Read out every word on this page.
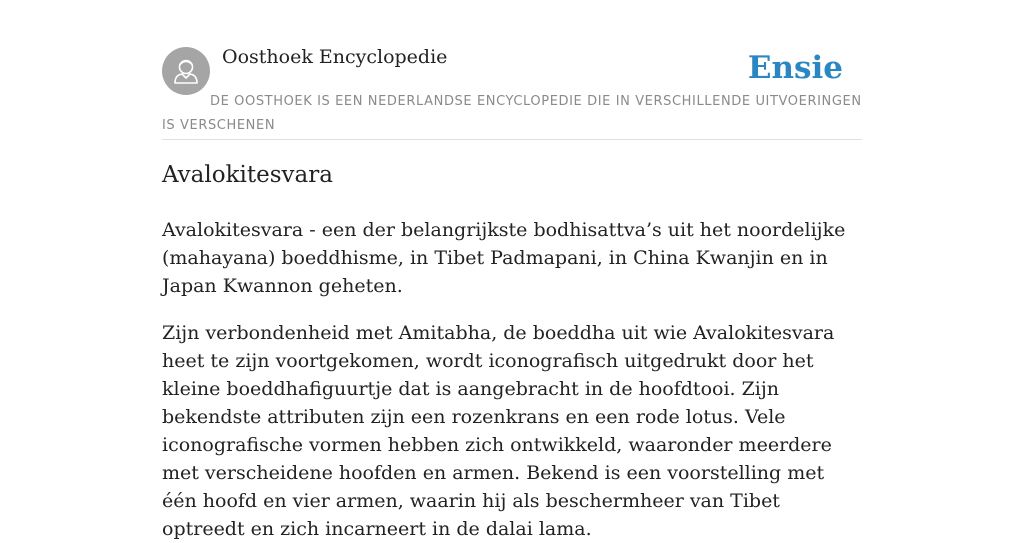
Oosthoek Encyclopedie	Ensie
DE OOSTHOEK IS EEN NEDERLANDSE ENCYCLOPEDIE DIE IN VERSCHILLENDE UITVOERINGEN IS VERSCHENEN
Avalokitesvara

Avalokitesvara - een der belangrijkste bodhisattva’s uit het noordelijke (mahayana) boeddhisme, in Tibet Padmapani, in China Kwanjin en in Japan Kwannon geheten.

Zijn verbondenheid met Amitabha, de boeddha uit wie Avalokitesvara heet te zijn voortgekomen, wordt iconografisch uitgedrukt door het kleine boeddhafiguurtje dat is aangebracht in de hoofdtooi. Zijn bekendste attributen zijn een rozenkrans en een rode lotus. Vele iconografische vormen hebben zich ontwikkeld, waaronder meerdere met verscheidene hoofden en armen. Bekend is een voorstelling met één hoofd en vier armen, waarin hij als beschermheer van Tibet optreedt en zich incarneert in de dalai lama.
